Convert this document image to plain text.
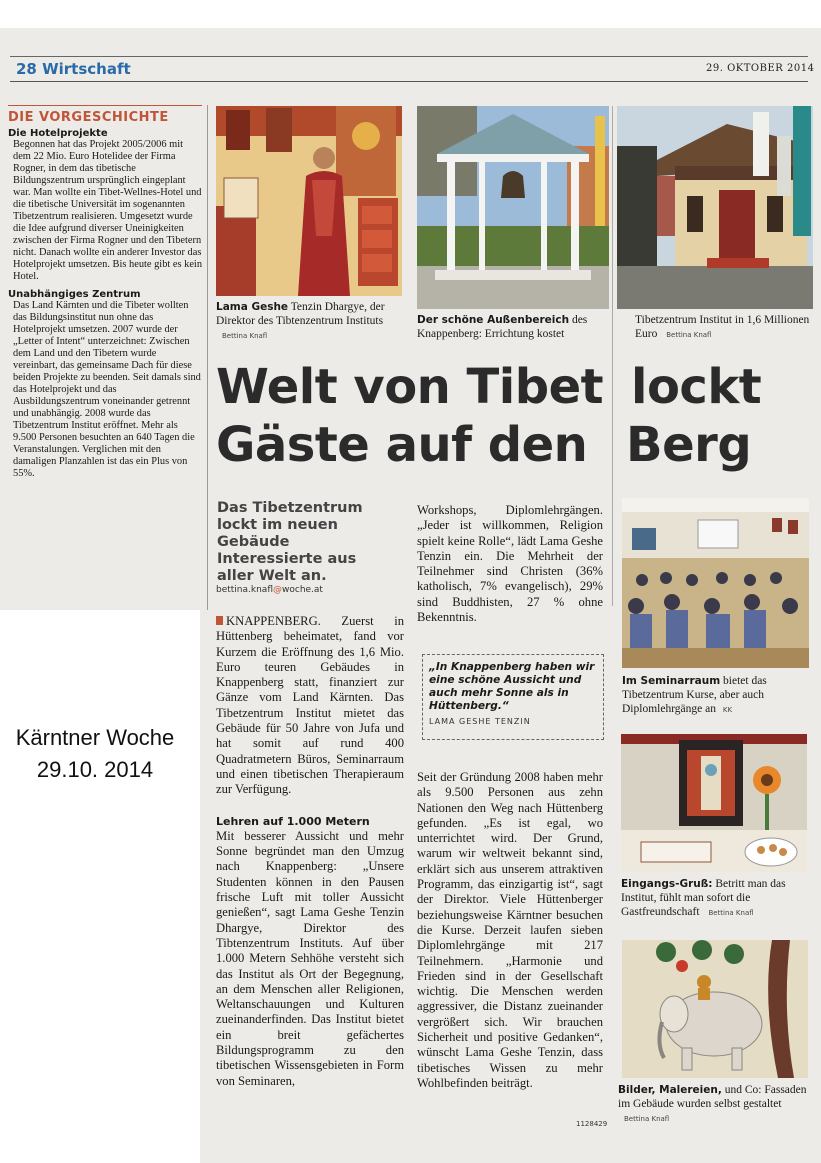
28 Wirtschaft	29. OKTOBER 2014
DIE VORGESCHICHTE
Die Hotelprojekte
Begonnen hat das Projekt 2005/2006 mit dem 22 Mio. Euro Hotelidee der Firma Rogner, in dem das tibetische Bildungszentrum ursprünglich eingeplant war. Man wollte ein Tibet-Wellnes-Hotel und die tibetische Universität im sogenannten Tibetzentrum realisieren. Umgesetzt wurde die Idee aufgrund diverser Uneinigkeiten zwischen der Firma Rogner und den Tibetern nicht. Danach wollte ein anderer Investor das Hotelprojekt umsetzen. Bis heute gibt es kein Hotel.
Unabhängiges Zentrum
Das Land Kärnten und die Tibeter wollten das Bildungsinstitut nun ohne das Hotelprojekt umsetzen. 2007 wurde der „Letter of Intent“ unterzeichnet: Zwischen dem Land und den Tibetern wurde vereinbart, das gemeinsame Dach für diese beiden Projekte zu beenden. Seit damals sind das Hotelprojekt und das Ausbildungszentrum voneinander getrennt und unabhängig. 2008 wurde das Tibetzentrum Institut eröffnet. Mehr als 9.500 Personen besuchten an 640 Tagen die Veranstalungen. Verglichen mit den damaligen Planzahlen ist das ein Plus von 55%.
Lama Geshe Tenzin Dhargye, der Direktor des Tibtenzentrum Instituts Bettina Knafl
Der schöne Außenbereich des Knappenberg: Errichtung kostet
Tibetzentrum Institut in 1,6 Millionen Euro Bettina Knafl
Welt von Tibet lockt
Gäste auf den Berg
Das Tibetzentrum lockt im neuen Gebäude Interessierte aus aller Welt an.
bettina.knafl@woche.at
KNAPPENBERG. Zuerst in Hüttenberg beheimatet, fand vor Kurzem die Eröffnung des 1,6 Mio. Euro teuren Gebäudes in Knappenberg statt, finanziert zur Gänze vom Land Kärnten. Das Tibetzentrum Institut mietet das Gebäude für 50 Jahre von Jufa und hat somit auf rund 400 Quadratmetern Büros, Seminarraum und einen tibetischen Therapieraum zur Verfügung.
Lehren auf 1.000 Metern
Mit besserer Aussicht und mehr Sonne begründet man den Umzug nach Knappenberg: „Unsere Studenten können in den Pausen frische Luft mit toller Aussicht genießen“, sagt Lama Geshe Tenzin Dhargye, Direktor des Tibtenzentrum Instituts. Auf über 1.000 Metern Sehhöhe versteht sich das Institut als Ort der Begegnung, an dem Menschen aller Religionen, Weltanschauungen und Kulturen zueinanderfinden. Das Institut bietet ein breit gefächertes Bildungsprogramm zu den tibetischen Wissensgebieten in Form von Seminaren,
Workshops, Diplomlehrgängen. „Jeder ist willkommen, Religion spielt keine Rolle“, lädt Lama Geshe Tenzin ein. Die Mehrheit der Teilnehmer sind Christen (36% katholisch, 7% evangelisch), 29% sind Buddhisten, 27 % ohne Bekenntnis.
„In Knappenberg haben wir eine schöne Aussicht und auch mehr Sonne als in Hüttenberg.“
LAMA GESHE TENZIN
Seit der Gründung 2008 haben mehr als 9.500 Personen aus zehn Nationen den Weg nach Hüttenberg gefunden. „Es ist egal, wo unterrichtet wird. Der Grund, warum wir weltweit bekannt sind, erklärt sich aus unserem attraktiven Programm, das einzigartig ist“, sagt der Direktor. Viele Hüttenberger beziehungsweise Kärntner besuchen die Kurse. Derzeit laufen sieben Diplomlehrgänge mit 217 Teilnehmern. „Harmonie und Frieden sind in der Gesellschaft wichtig. Die Menschen werden aggressiver, die Distanz zueinander vergrößert sich. Wir brauchen Sicherheit und positive Gedanken“, wünscht Lama Geshe Tenzin, dass tibetisches Wissen zu mehr Wohlbefinden beiträgt.
1128429
Im Seminarraum bietet das Tibetzentrum Kurse, aber auch Diplomlehrgänge an KK
Eingangs-Gruß: Betritt man das Institut, fühlt man sofort die Gastfreundschaft Bettina Knafl
Bilder, Malereien, und Co: Fassaden im Gebäude wurden selbst gestaltet Bettina Knafl
Kärntner Woche
29.10. 2014
